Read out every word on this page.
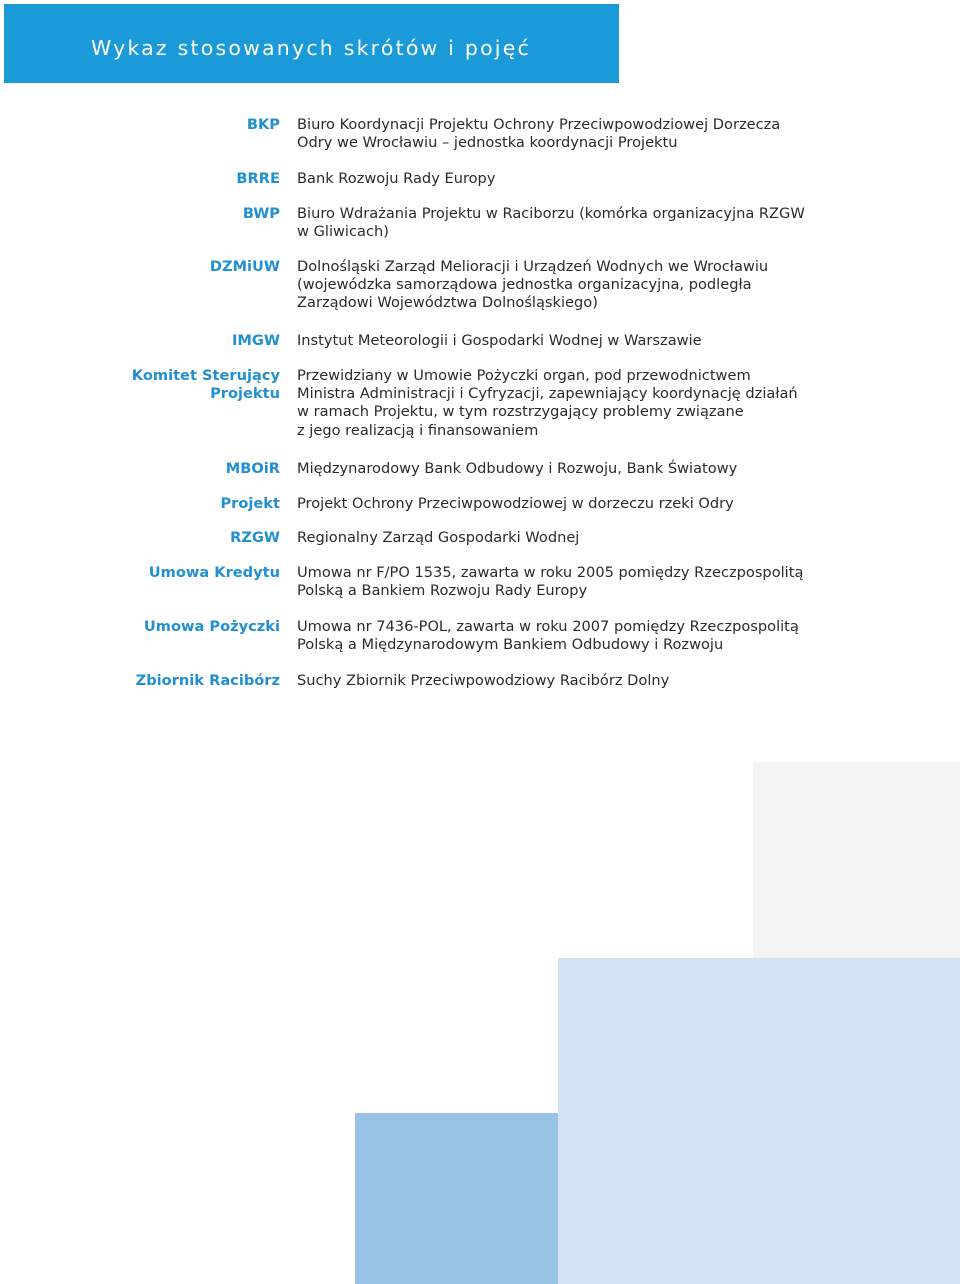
Wykaz stosowanych skrótów i pojęć
BKP Biuro Koordynacji Projektu Ochrony Przeciwpowodziowej Dorzecza
Odry we Wrocławiu – jednostka koordynacji Projektu
BRRE Bank Rozwoju Rady Europy
BWP Biuro Wdrażania Projektu w Raciborzu (komórka organizacyjna RZGW
w Gliwicach)
DZMiUW Dolnośląski Zarząd Melioracji i Urządzeń Wodnych we Wrocławiu
(wojewódzka samorządowa jednostka organizacyjna, podległa
Zarządowi Województwa Dolnośląskiego)
IMGW Instytut Meteorologii i Gospodarki Wodnej w Warszawie
Komitet Sterujący
Projektu
Przewidziany w Umowie Pożyczki organ, pod przewodnictwem
Ministra Administracji i Cyfryzacji, zapewniający koordynację działań
w ramach Projektu, w tym rozstrzygający problemy związane
z jego realizacją i finansowaniem
MBOiR Międzynarodowy Bank Odbudowy i Rozwoju, Bank Światowy
Projekt Projekt Ochrony Przeciwpowodziowej w dorzeczu rzeki Odry
RZGW Regionalny Zarząd Gospodarki Wodnej
Umowa Kredytu Umowa nr F/PO 1535, zawarta w roku 2005 pomiędzy Rzeczpospolitą
Polską a Bankiem Rozwoju Rady Europy
Umowa Pożyczki Umowa nr 7436-POL, zawarta w roku 2007 pomiędzy Rzeczpospolitą
Polską a Międzynarodowym Bankiem Odbudowy i Rozwoju
Zbiornik Racibórz Suchy Zbiornik Przeciwpowodziowy Racibórz Dolny
